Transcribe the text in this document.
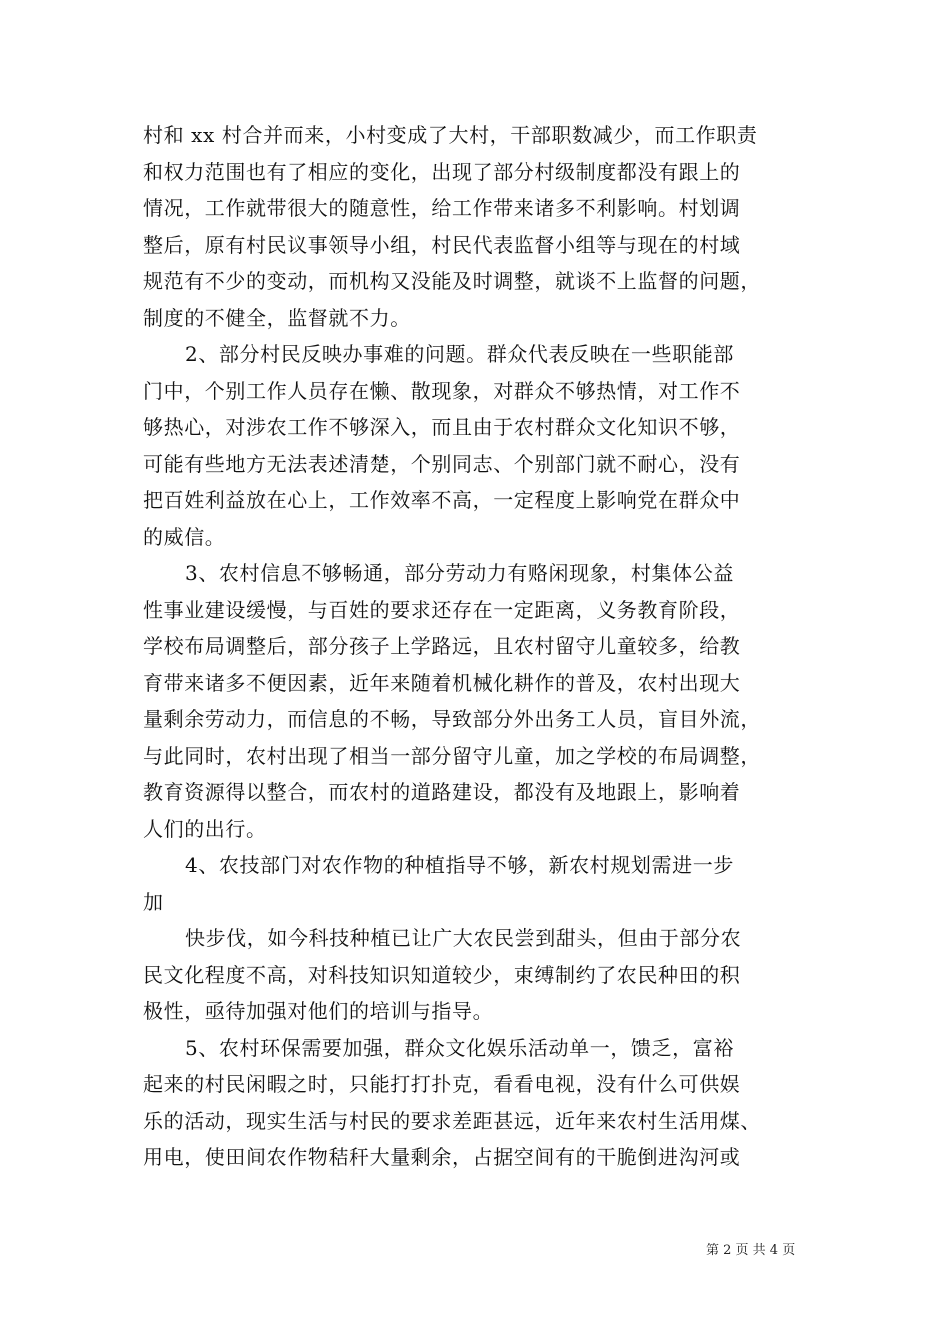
村和 xx 村合并而来，小村变成了大村，干部职数减少，而工作职责
和权力范围也有了相应的变化，出现了部分村级制度都没有跟上的
情况，工作就带很大的随意性，给工作带来诸多不利影响。村划调
整后，原有村民议事领导小组，村民代表监督小组等与现在的村域
规范有不少的变动，而机构又没能及时调整，就谈不上监督的问题，
制度的不健全，监督就不力。
2、部分村民反映办事难的问题。群众代表反映在一些职能部
门中，个别工作人员存在懒、散现象，对群众不够热情，对工作不
够热心，对涉农工作不够深入，而且由于农村群众文化知识不够，
可能有些地方无法表述清楚，个别同志、个别部门就不耐心，没有
把百姓利益放在心上，工作效率不高，一定程度上影响党在群众中
的威信。
3、农村信息不够畅通，部分劳动力有赂闲现象，村集体公益
性事业建设缓慢，与百姓的要求还存在一定距离，义务教育阶段，
学校布局调整后，部分孩子上学路远，且农村留守儿童较多，给教
育带来诸多不便因素，近年来随着机械化耕作的普及，农村出现大
量剩余劳动力，而信息的不畅，导致部分外出务工人员，盲目外流，
与此同时，农村出现了相当一部分留守儿童，加之学校的布局调整，
教育资源得以整合，而农村的道路建设，都没有及地跟上，影响着
人们的出行。
4、农技部门对农作物的种植指导不够，新农村规划需进一步
加
快步伐，如今科技种植已让广大农民尝到甜头，但由于部分农
民文化程度不高，对科技知识知道较少，束缚制约了农民种田的积
极性，亟待加强对他们的培训与指导。
5、农村环保需要加强，群众文化娱乐活动单一，馈乏，富裕
起来的村民闲暇之时，只能打打扑克，看看电视，没有什么可供娱
乐的活动，现实生活与村民的要求差距甚远，近年来农村生活用煤、
用电，使田间农作物秸秆大量剩余，占据空间有的干脆倒进沟河或
第 2 页 共 4 页
